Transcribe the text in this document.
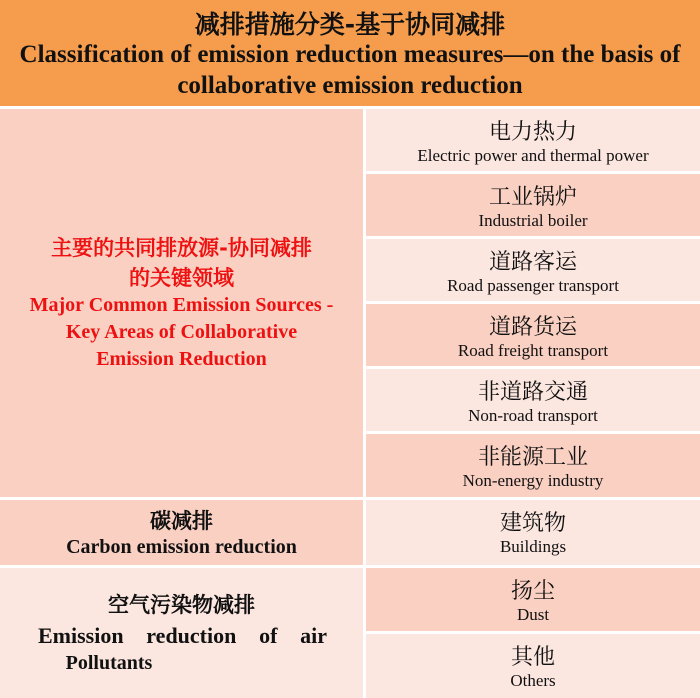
减排措施分类-基于协同减排
Classification of emission reduction measures—on the basis of
collaborative emission reduction
主要的共同排放源-协同减排
的关键领域
Major Common Emission Sources -
Key Areas of Collaborative
Emission Reduction
碳减排
Carbon emission reduction
空气污染物减排
Emission reduction of air
Pollutants
电力热力
Electric power and thermal power
工业锅炉
Industrial boiler
道路客运
Road passenger transport
道路货运
Road freight transport
非道路交通
Non-road transport
非能源工业
Non-energy industry
建筑物
Buildings
扬尘
Dust
其他
Others
